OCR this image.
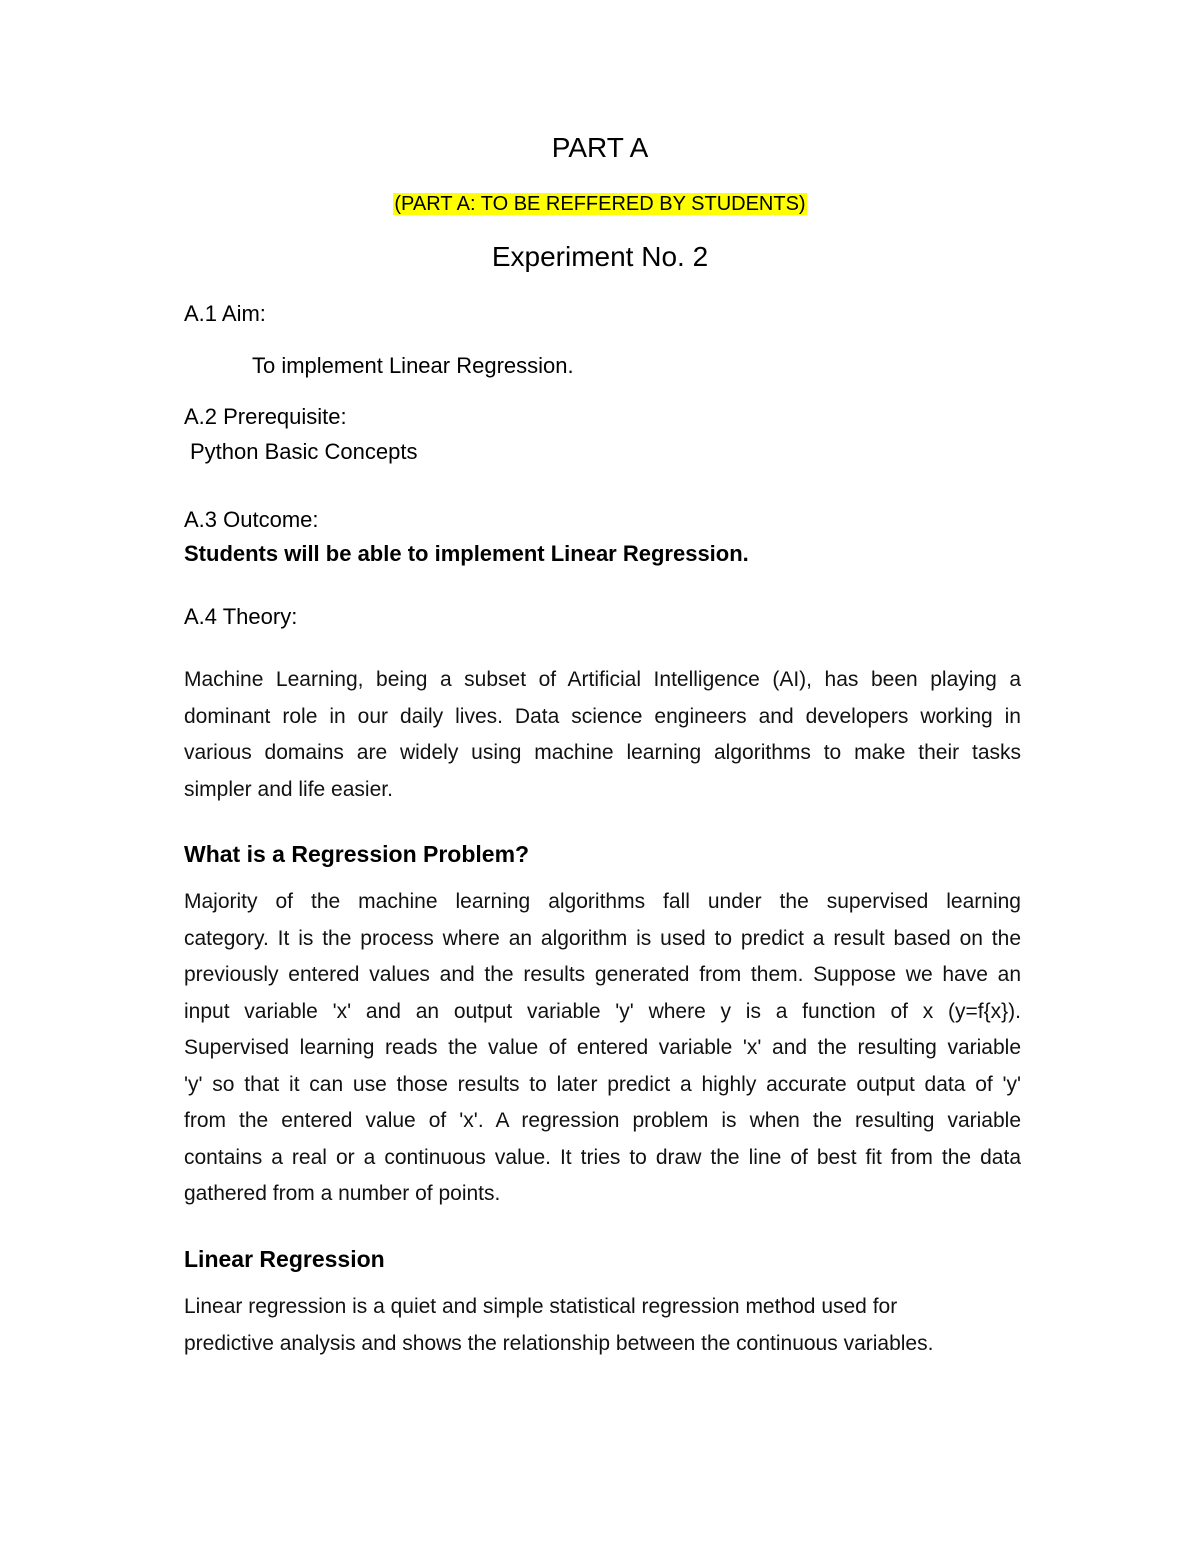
PART A
(PART A: TO BE REFFERED BY STUDENTS)
Experiment No. 2
A.1 Aim:
To implement Linear Regression.
A.2 Prerequisite:
Python Basic Concepts
A.3 Outcome:
Students will be able to implement Linear Regression.
A.4 Theory:
Machine Learning, being a subset of Artificial Intelligence (AI), has been playing a
dominant role in our daily lives. Data science engineers and developers working in
various domains are widely using machine learning algorithms to make their tasks
simpler and life easier.
What is a Regression Problem?
Majority of the machine learning algorithms fall under the supervised learning
category. It is the process where an algorithm is used to predict a result based on the
previously entered values and the results generated from them. Suppose we have an
input variable 'x' and an output variable 'y' where y is a function of x (y=f{x}).
Supervised learning reads the value of entered variable 'x' and the resulting variable
'y' so that it can use those results to later predict a highly accurate output data of 'y'
from the entered value of 'x'. A regression problem is when the resulting variable
contains a real or a continuous value. It tries to draw the line of best fit from the data
gathered from a number of points.
Linear Regression
Linear regression is a quiet and simple statistical regression method used for
predictive analysis and shows the relationship between the continuous variables.
